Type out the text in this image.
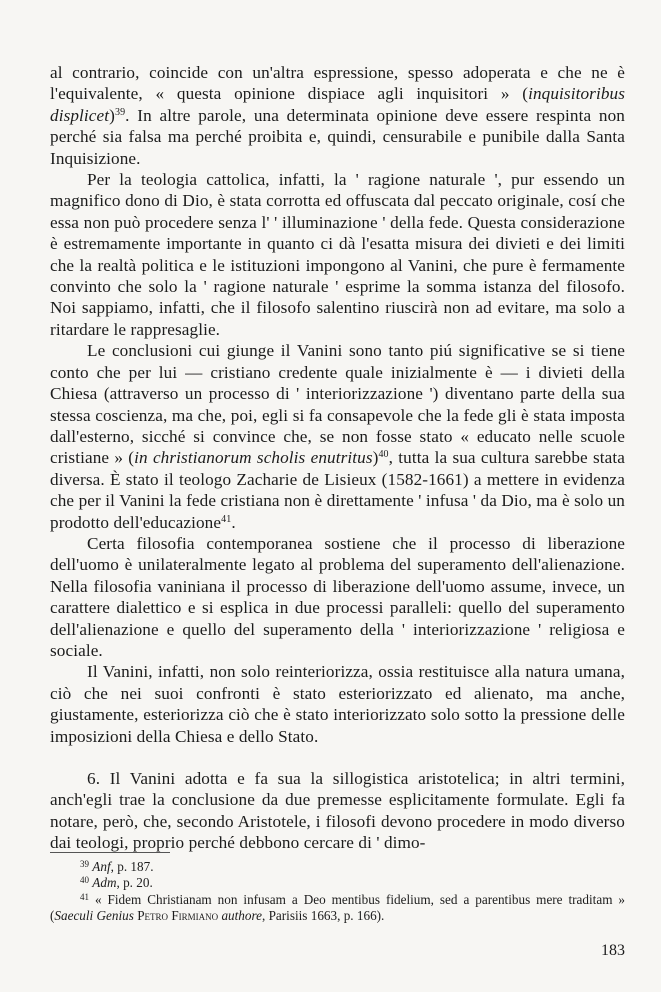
al contrario, coincide con un'altra espressione, spesso adoperata e che ne è l'equivalente, « questa opinione dispiace agli inquisitori » (inquisitoribus displicet)$^{39}$. In altre parole, una determinata opinione deve essere respinta non perché sia falsa ma perché proibita e, quindi, censurabile e punibile dalla Santa Inquisizione.

Per la teologia cattolica, infatti, la ' ragione naturale ', pur essendo un magnifico dono di Dio, è stata corrotta ed offuscata dal peccato originale, cosí che essa non può procedere senza l' ' illuminazione ' della fede. Questa considerazione è estremamente importante in quanto ci dà l'esatta misura dei divieti e dei limiti che la realtà politica e le istituzioni impongono al Vanini, che pure è fermamente convinto che solo la ' ragione naturale ' esprime la somma istanza del filosofo. Noi sappiamo, infatti, che il filosofo salentino riuscirà non ad evitare, ma solo a ritardare le rappresaglie.

Le conclusioni cui giunge il Vanini sono tanto piú significative se si tiene conto che per lui — cristiano credente quale inizialmente è — i divieti della Chiesa (attraverso un processo di ' interiorizzazione ') diventano parte della sua stessa coscienza, ma che, poi, egli si fa consapevole che la fede gli è stata imposta dall'esterno, sicché si convince che, se non fosse stato « educato nelle scuole cristiane » (in christianorum scholis enutritus)$^{40}$, tutta la sua cultura sarebbe stata diversa. È stato il teologo Zacharie de Lisieux (1582-1661) a mettere in evidenza che per il Vanini la fede cristiana non è direttamente ' infusa ' da Dio, ma è solo un prodotto dell'educazione$^{41}$.

Certa filosofia contemporanea sostiene che il processo di liberazione dell'uomo è unilateralmente legato al problema del superamento dell'alienazione. Nella filosofia vaniniana il processo di liberazione dell'uomo assume, invece, un carattere dialettico e si esplica in due processi paralleli: quello del superamento dell'alienazione e quello del superamento della ' interiorizzazione ' religiosa e sociale.

Il Vanini, infatti, non solo reinteriorizza, ossia restituisce alla natura umana, ciò che nei suoi confronti è stato esteriorizzato ed alienato, ma anche, giustamente, esteriorizza ciò che è stato interiorizzato solo sotto la pressione delle imposizioni della Chiesa e dello Stato.

6. Il Vanini adotta e fa sua la sillogistica aristotelica; in altri termini, anch'egli trae la conclusione da due premesse esplicitamente formulate. Egli fa notare, però, che, secondo Aristotele, i filosofi devono procedere in modo diverso dai teologi, proprio perché debbono cercare di ' dimo-

$^{39}$ Anf, p. 187.

$^{40}$ Adm, p. 20.

$^{41}$ « Fidem Christianam non infusam a Deo mentibus fidelium, sed a parentibus mere traditam » (Saeculi Genius Petro Firmiano authore, Parisiis 1663, p. 166).

183
